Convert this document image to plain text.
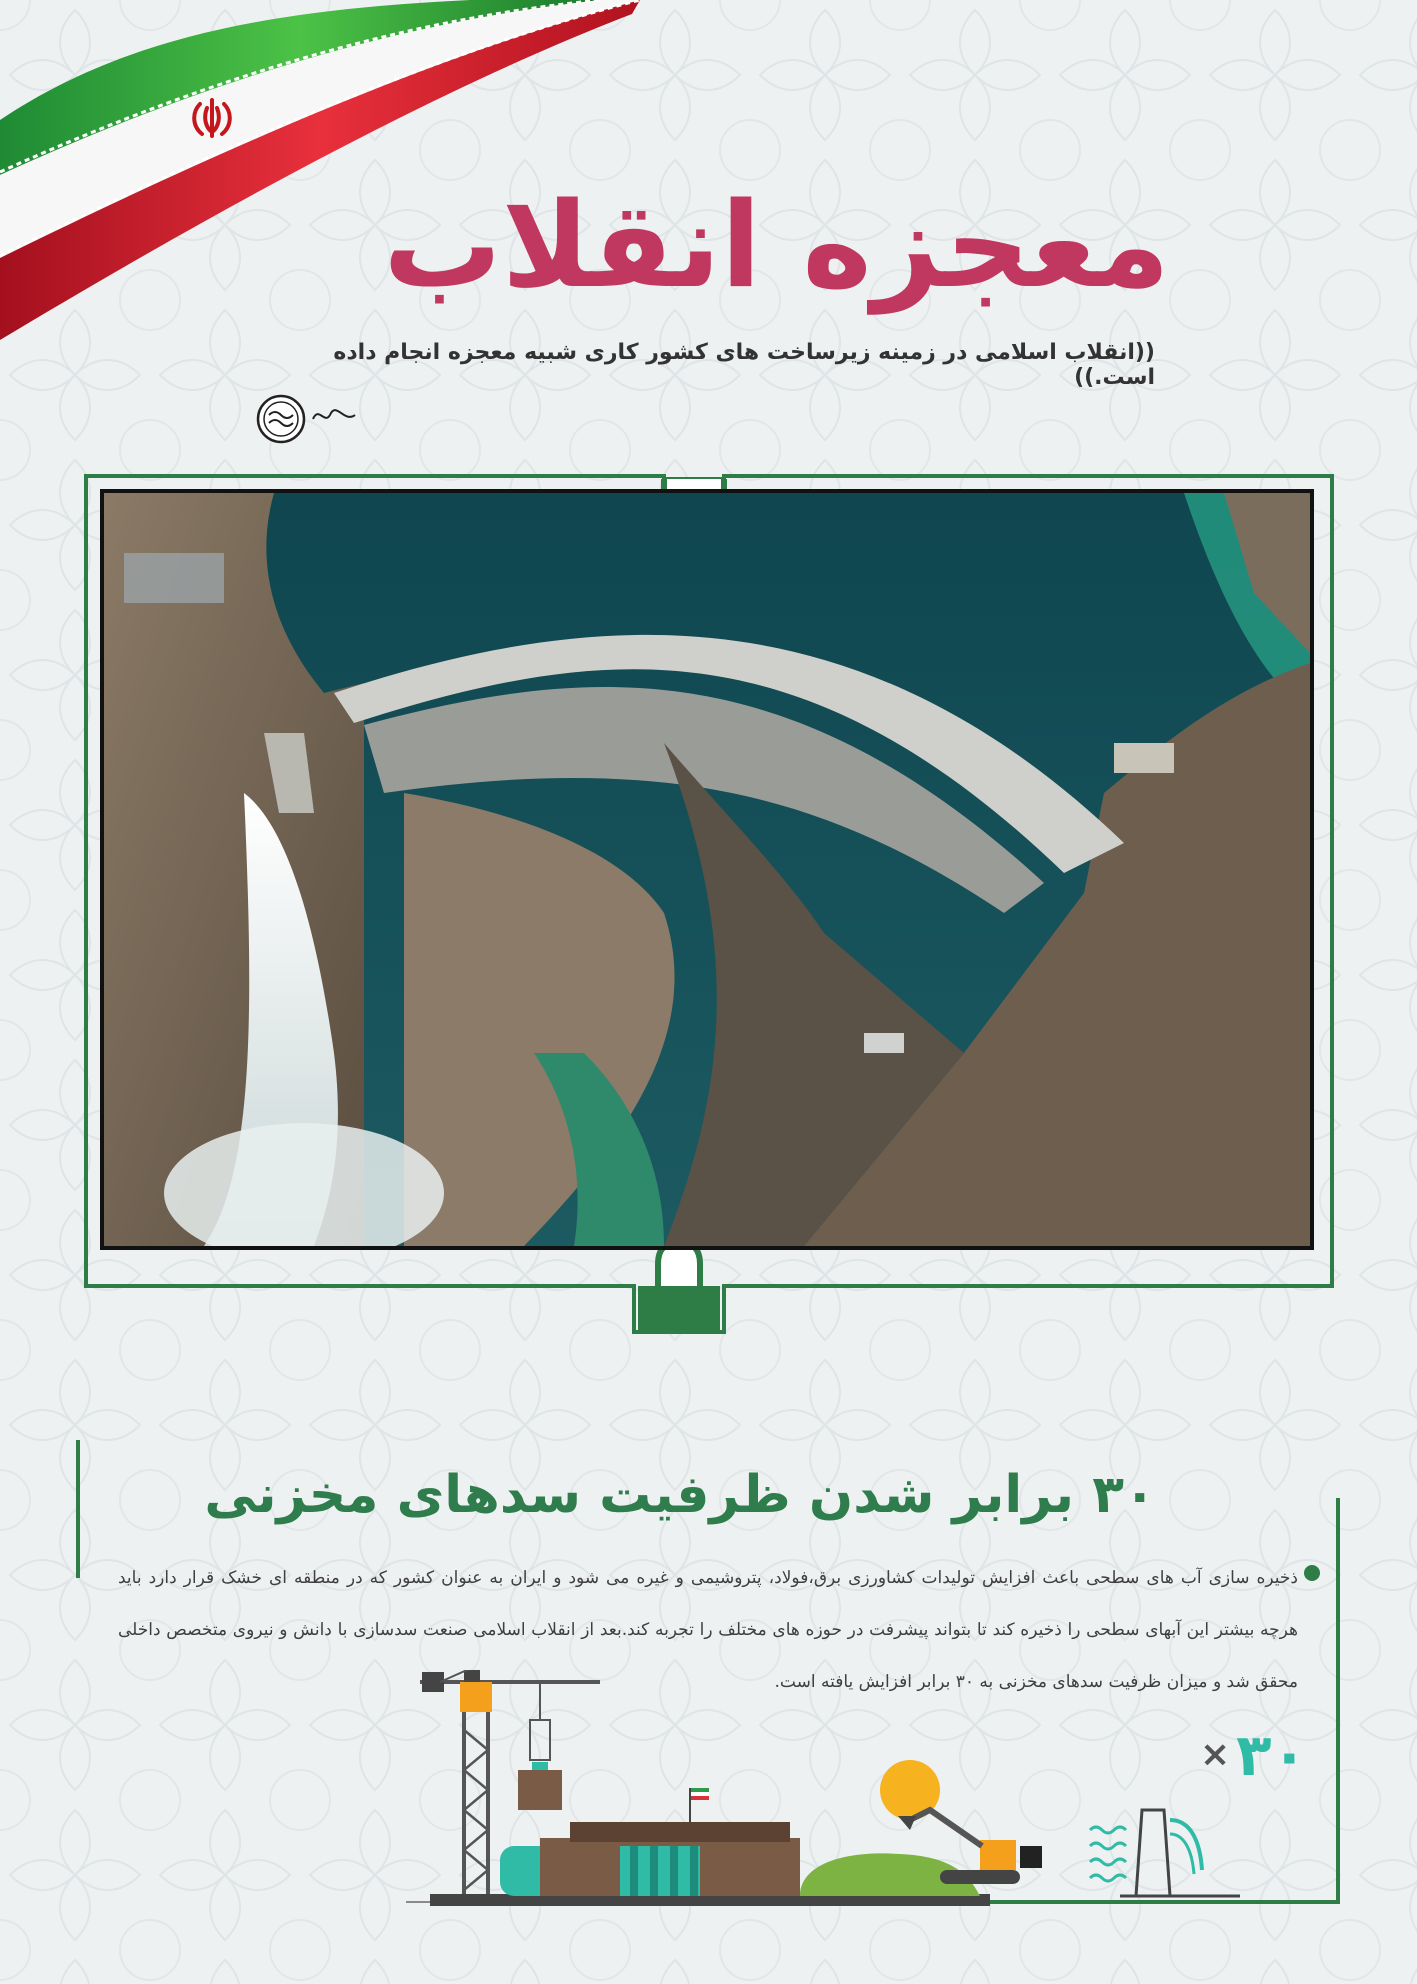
معجزه انقلاب
((انقلاب اسلامی در زمینه زیرساخت های کشور کاری شبیه معجزه انجام داده است.))
۳۰ برابر شدن ظرفیت سدهای مخزنی

ذخیره سازی آب های سطحی باعث افزایش تولیدات کشاورزی برق،فولاد، پتروشیمی و غیره می شود و ایران به عنوان کشور که در منطقه ای خشک قرار دارد باید هرچه بیشتر این آبهای سطحی را ذخیره کند تا بتواند پیشرفت در حوزه های مختلف را تجربه کند.بعد از انقلاب اسلامی صنعت سدسازی با دانش و نیروی متخصص داخلی محقق شد و میزان ظرفیت سدهای مخزنی به ۳۰ برابر افزایش یافته است.

× ۳۰
